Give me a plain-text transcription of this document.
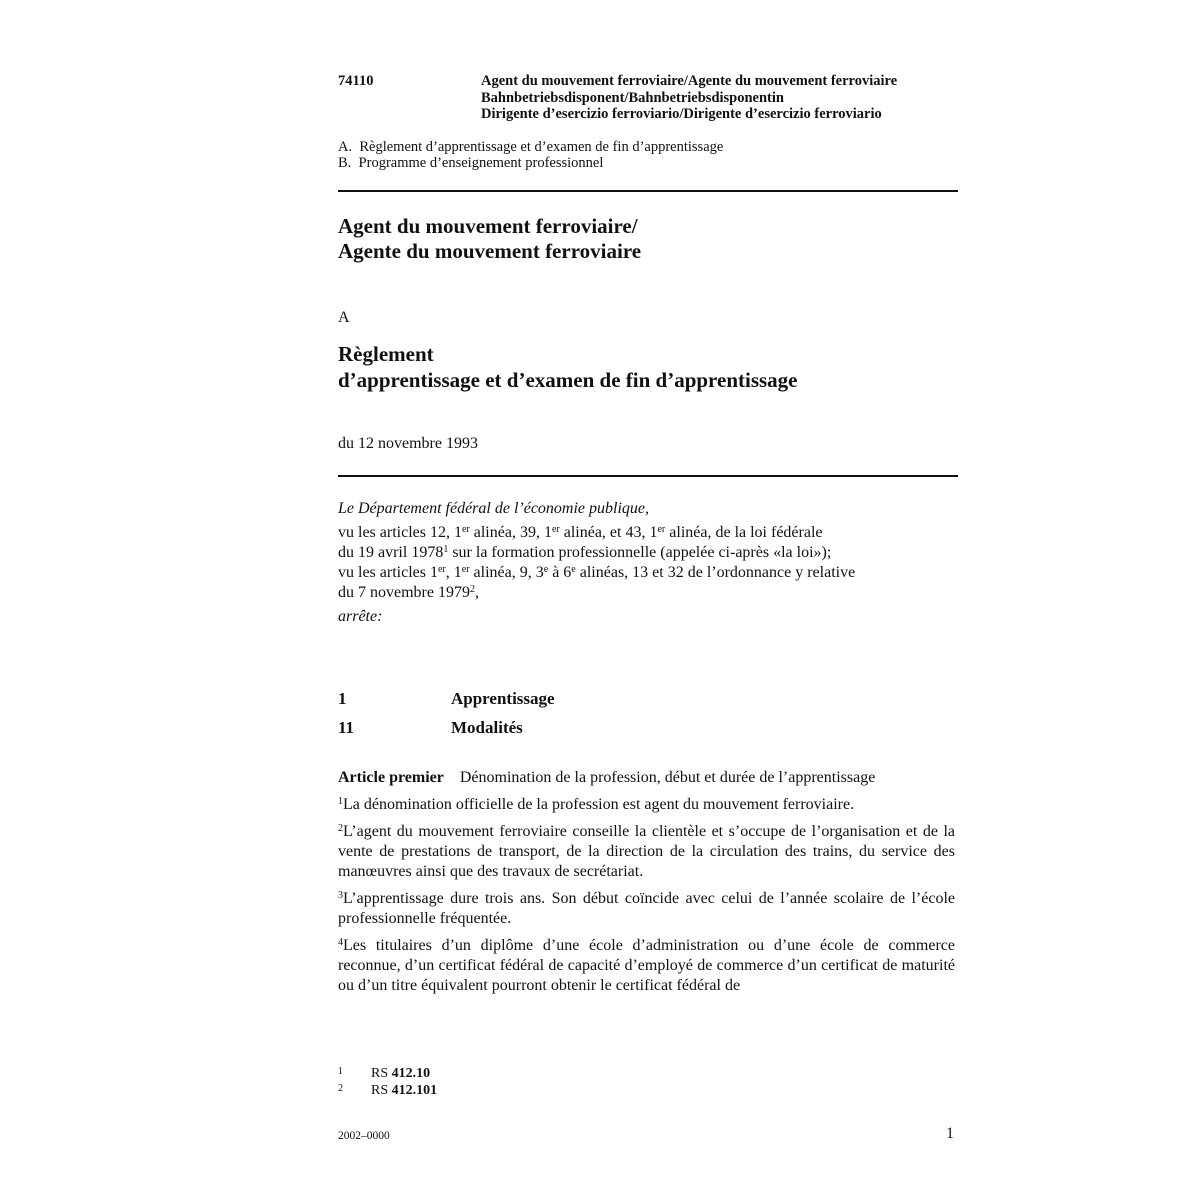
74110	Agent du mouvement ferroviaire/Agente du mouvement ferroviaire
Bahnbetriebsdisponent/Bahnbetriebsdisponentin
Dirigente d’esercizio ferroviario/Dirigente d’esercizio ferroviario
A.  Règlement d’apprentissage et d’examen de fin d’apprentissage
B.  Programme d’enseignement professionnel
Agent du mouvement ferroviaire/
Agente du mouvement ferroviaire
A
Règlement
d’apprentissage et d’examen de fin d’apprentissage
du 12 novembre 1993
Le Département fédéral de l’économie publique,
vu les articles 12, 1er alinéa, 39, 1er alinéa, et 43, 1er alinéa, de la loi fédérale
du 19 avril 1978$^1$ sur la formation professionnelle (appelée ci-après «la loi»);
vu les articles 1er, 1er alinéa, 9, 3e à 6e alinéas, 13 et 32 de l’ordonnance y relative
du 7 novembre 1979$^2$,
arrête:
1	Apprentissage
11	Modalités

Article premier Dénomination de la profession, début et durée de l’apprentissage

$^1$La dénomination officielle de la profession est agent du mouvement ferroviaire.

$^2$L’agent du mouvement ferroviaire conseille la clientèle et s’occupe de l’organisation et de la vente de prestations de transport, de la direction de la circulation des trains, du service des manœuvres ainsi que des travaux de secrétariat.

$^3$L’apprentissage dure trois ans. Son début coïncide avec celui de l’année scolaire de l’école professionnelle fréquentée.

$^4$Les titulaires d’un diplôme d’une école d’administration ou d’une école de commerce reconnue, d’un certificat fédéral de capacité d’employé de commerce d’un certificat de maturité ou d’un titre équivalent pourront obtenir le certificat fédéral de

1 RS 412.10
2 RS 412.101
2002–0000	1
